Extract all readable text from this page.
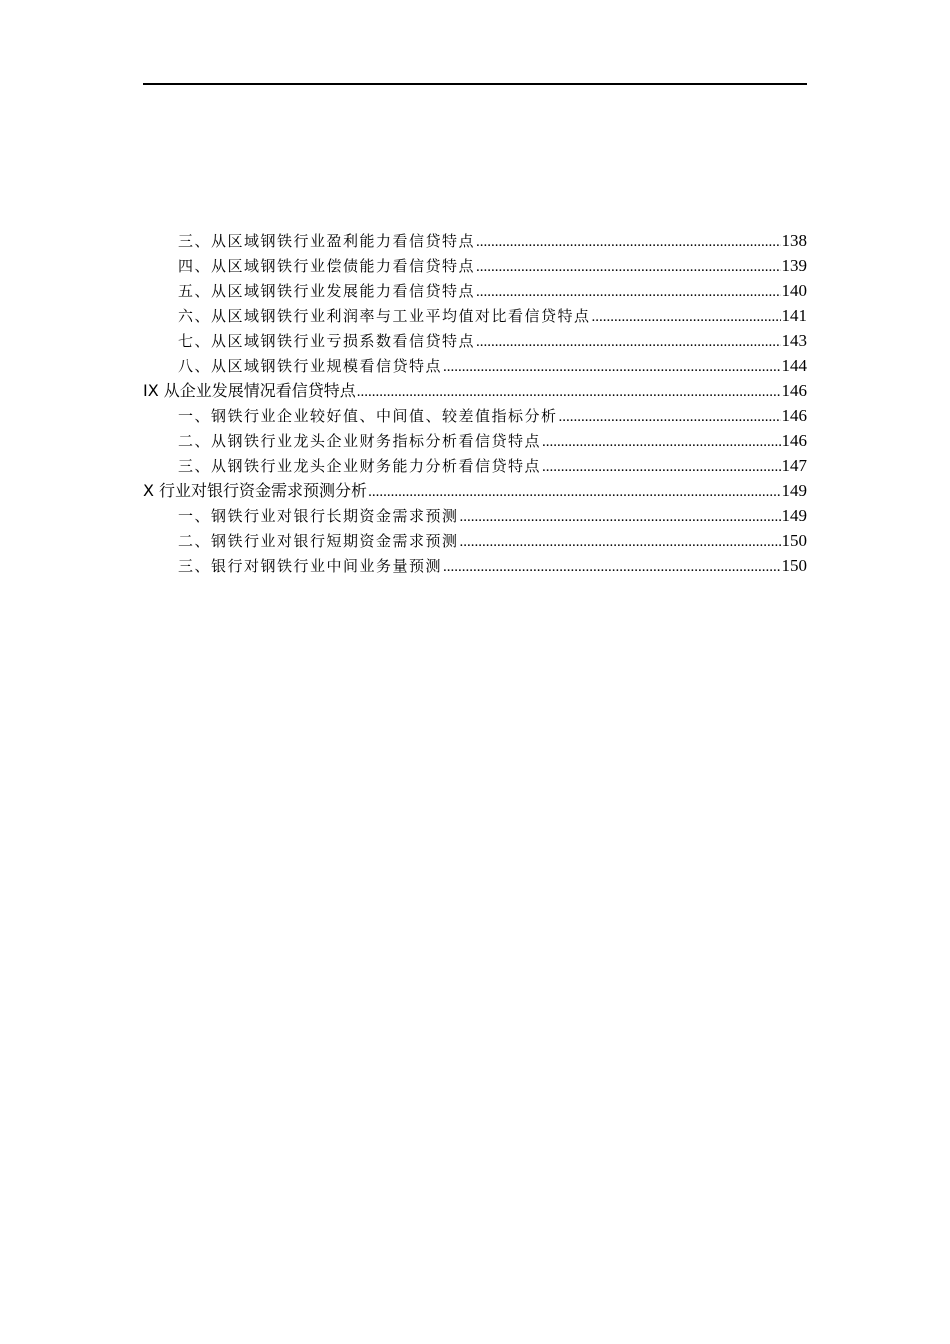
三、从区域钢铁行业盈利能力看信贷特点 .....	138
四、从区域钢铁行业偿债能力看信贷特点 .....	139
五、从区域钢铁行业发展能力看信贷特点 .....	140
六、从区域钢铁行业利润率与工业平均值对比看信贷特点 .....	141
七、从区域钢铁行业亏损系数看信贷特点 .....	143
八、从区域钢铁行业规模看信贷特点 .....	144
IX 从企业发展情况看信贷特点 .....	146
一、钢铁行业企业较好值、中间值、较差值指标分析 .....	146
二、从钢铁行业龙头企业财务指标分析看信贷特点 .....	146
三、从钢铁行业龙头企业财务能力分析看信贷特点 .....	147
X 行业对银行资金需求预测分析 .....	149
一、钢铁行业对银行长期资金需求预测 .....	149
二、钢铁行业对银行短期资金需求预测 .....	150
三、银行对钢铁行业中间业务量预测 .....	150
